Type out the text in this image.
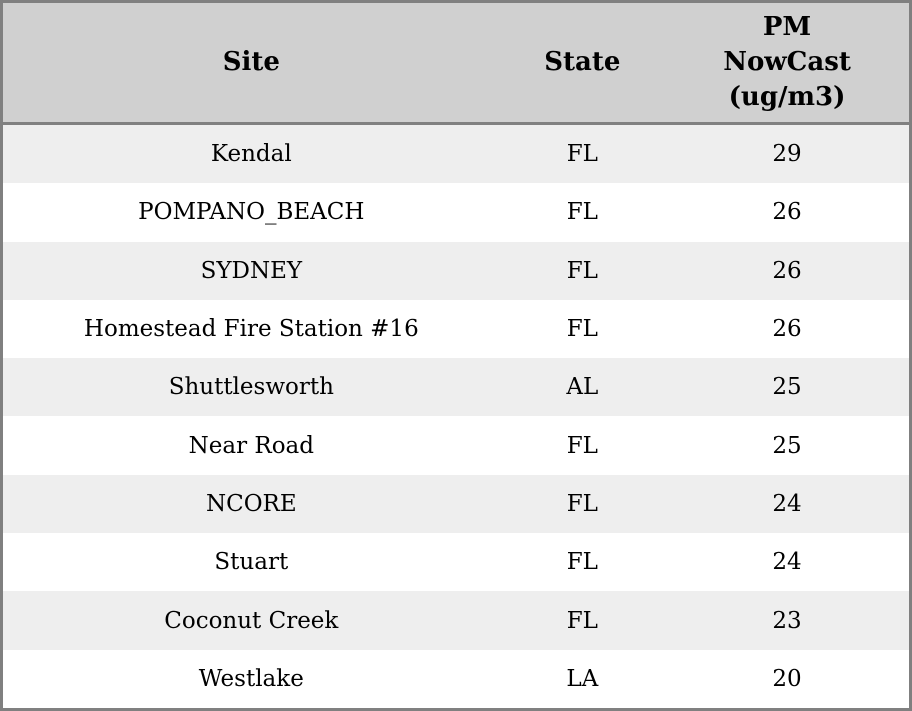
Site	State	PM NowCast (ug/m3)

Kendal	FL	29
POMPANO_BEACH	FL	26
SYDNEY	FL	26
Homestead Fire Station #16	FL	26
Shuttlesworth	AL	25
Near Road	FL	25
NCORE	FL	24
Stuart	FL	24
Coconut Creek	FL	23
Westlake	LA	20
